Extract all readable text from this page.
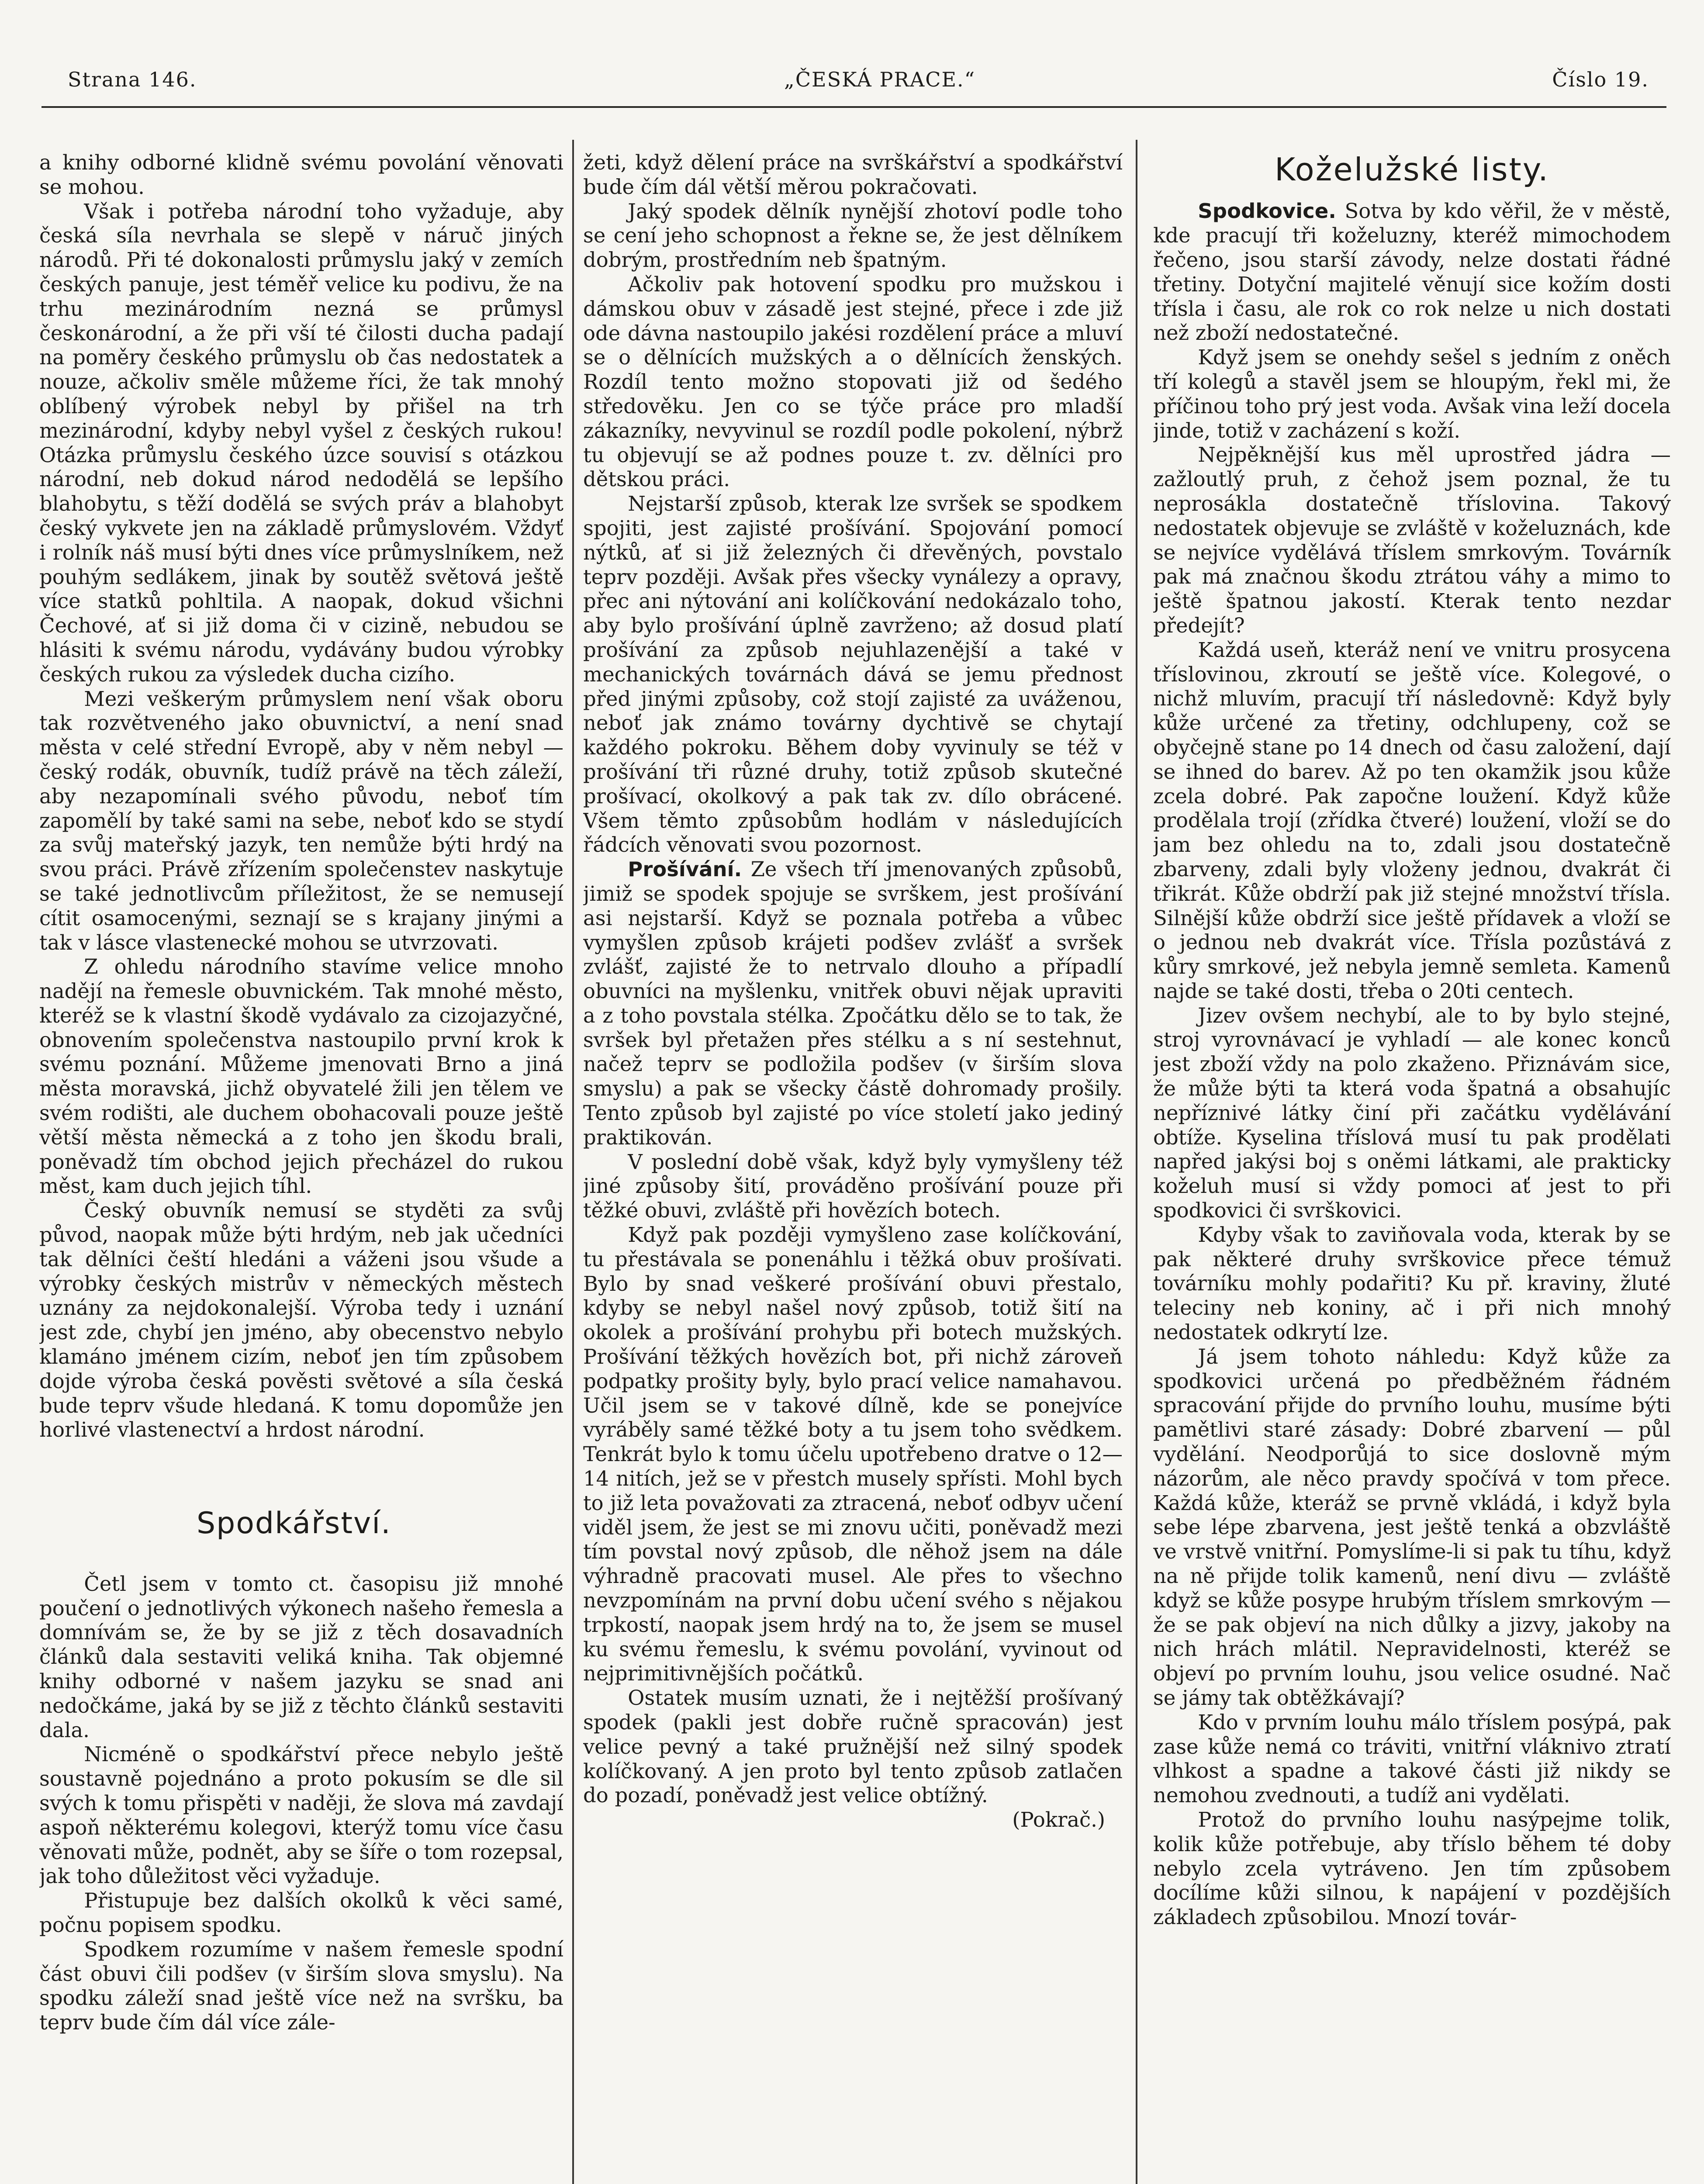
Strana 146.	„ČESKÁ PRACE.“	Číslo 19.

a knihy odborné klidně svému povolání věnovati se mohou.

Však i potřeba národní toho vyžaduje, aby česká síla nevrhala se slepě v náruč jiných národů. Při té dokonalosti průmyslu jaký v zemích českých panuje, jest téměř velice ku podivu, že na trhu mezinárodním nezná se průmysl českonárodní, a že při vší té čilosti ducha padají na poměry českého průmyslu ob čas nedostatek a nouze, ačkoliv směle můžeme říci, že tak mnohý oblíbený výrobek nebyl by přišel na trh mezinárodní, kdyby nebyl vyšel z českých rukou! Otázka průmyslu českého úzce souvisí s otázkou národní, neb dokud národ nedodělá se lepšího blahobytu, s těží dodělá se svých práv a blahobyt český vykvete jen na základě průmyslovém. Vždyť i rolník náš musí býti dnes více průmyslníkem, než pouhým sedlákem, jinak by soutěž světová ještě více statků pohltila. A naopak, dokud všichni Čechové, ať si již doma či v cizině, nebudou se hlásiti k svému národu, vydávány budou výrobky českých rukou za výsledek ducha cizího.

Mezi veškerým průmyslem není však oboru tak rozvětveného jako obuvnictví, a není snad města v celé střední Evropě, aby v něm nebyl — český rodák, obuvník, tudíž právě na těch záleží, aby nezapomínali svého původu, neboť tím zapomělí by také sami na sebe, neboť kdo se stydí za svůj mateřský jazyk, ten nemůže býti hrdý na svou práci. Právě zřízením společenstev naskytuje se také jednotlivcům příležitost, že se nemusejí cítit osamocenými, seznají se s krajany jinými a tak v lásce vlastenecké mohou se utvrzovati.

Z ohledu národního stavíme velice mnoho nadějí na řemesle obuvnickém. Tak mnohé město, kteréž se k vlastní škodě vydávalo za cizojazyčné, obnovením společenstva nastoupilo první krok k svému poznání. Můžeme jmenovati Brno a jiná města moravská, jichž obyvatelé žili jen tělem ve svém rodišti, ale duchem obohacovali pouze ještě větší města německá a z toho jen škodu brali, poněvadž tím obchod jejich přecházel do rukou měst, kam duch jejich tíhl.

Český obuvník nemusí se styděti za svůj původ, naopak může býti hrdým, neb jak učedníci tak dělníci čeští hledáni a váženi jsou všude a výrobky českých mistrův v německých městech uznány za nejdokonalejší. Výroba tedy i uznání jest zde, chybí jen jméno, aby obecenstvo nebylo klamáno jménem cizím, neboť jen tím způsobem dojde výroba česká pověsti světové a síla česká bude teprv všude hledaná. K tomu dopomůže jen horlivé vlastenectví a hrdost národní.

Spodkářství.

Četl jsem v tomto ct. časopisu již mnohé poučení o jednotlivých výkonech našeho řemesla a domnívám se, že by se již z těch dosavadních článků dala sestaviti veliká kniha. Tak objemné knihy odborné v našem jazyku se snad ani nedočkáme, jaká by se již z těchto článků sestaviti dala.

Nicméně o spodkářství přece nebylo ještě soustavně pojednáno a proto pokusím se dle sil svých k tomu přispěti v naději, že slova má zavdají aspoň některému kolegovi, kterýž tomu více času věnovati může, podnět, aby se šíře o tom rozepsal, jak toho důležitost věci vyžaduje.

Přistupuje bez dalších okolků k věci samé, počnu popisem spodku.

Spodkem rozumíme v našem řemesle spodní část obuvi čili podšev (v širším slova smyslu). Na spodku záleží snad ještě více než na svršku, ba teprv bude čím dál více zále-

žeti, když dělení práce na svrškářství a spodkářství bude čím dál větší měrou pokračovati.

Jaký spodek dělník nynější zhotoví podle toho se cení jeho schopnost a řekne se, že jest dělníkem dobrým, prostředním neb špatným.

Ačkoliv pak hotovení spodku pro mužskou i dámskou obuv v zásadě jest stejné, přece i zde již ode dávna nastoupilo jakési rozdělení práce a mluví se o dělnících mužských a o dělnících ženských. Rozdíl tento možno stopovati již od šedého středověku. Jen co se týče práce pro mladší zákazníky, nevyvinul se rozdíl podle pokolení, nýbrž tu objevují se až podnes pouze t. zv. dělníci pro dětskou práci.

Nejstarší způsob, kterak lze svršek se spodkem spojiti, jest zajisté prošívání. Spojování pomocí nýtků, ať si již železných či dřevěných, povstalo teprv později. Avšak přes všecky vynálezy a opravy, přec ani nýtování ani kolíčkování nedokázalo toho, aby bylo prošívání úplně zavrženo; až dosud platí prošívání za způsob nejuhlazenější a také v mechanických továrnách dává se jemu přednost před jinými způsoby, což stojí zajisté za uváženou, neboť jak známo továrny dychtivě se chytají každého pokroku. Během doby vyvinuly se též v prošívání tři různé druhy, totiž způsob skutečné prošívací, okolkový a pak tak zv. dílo obrácené. Všem těmto způsobům hodlám v následujících řádcích věnovati svou pozornost.

Prošívání. Ze všech tří jmenovaných způsobů, jimiž se spodek spojuje se svrškem, jest prošívání asi nejstarší. Když se poznala potřeba a vůbec vymyšlen způsob krájeti podšev zvlášť a svršek zvlášť, zajisté že to netrvalo dlouho a případlí obuvníci na myšlenku, vnitřek obuvi nějak upraviti a z toho povstala stélka. Zpočátku dělo se to tak, že svršek byl přetažen přes stélku a s ní sestehnut, načež teprv se podložila podšev (v širším slova smyslu) a pak se všecky částě dohromady prošily. Tento způsob byl zajisté po více století jako jediný praktikován.

V poslední době však, když byly vymyšleny též jiné způsoby šití, prováděno prošívání pouze při těžké obuvi, zvláště při hovězích botech.

Když pak později vymyšleno zase kolíčkování, tu přestávala se ponenáhlu i těžká obuv prošívati. Bylo by snad veškeré prošívání obuvi přestalo, kdyby se nebyl našel nový způsob, totiž šití na okolek a prošívání prohybu při botech mužských. Prošívání těžkých hovězích bot, při nichž zároveň podpatky prošity byly, bylo prací velice namahavou. Učil jsem se v takové dílně, kde se ponejvíce vyráběly samé těžké boty a tu jsem toho svědkem. Tenkrát bylo k tomu účelu upotřebeno dratve o 12—14 nitích, jež se v přestch musely spřísti. Mohl bych to již leta považovati za ztracená, neboť odbyv učení viděl jsem, že jest se mi znovu učiti, poněvadž mezi tím povstal nový způsob, dle něhož jsem na dále výhradně pracovati musel. Ale přes to všechno nevzpomínám na první dobu učení svého s nějakou trpkostí, naopak jsem hrdý na to, že jsem se musel ku svému řemeslu, k svému povolání, vyvinout od nejprimitivnějších počátků.

Ostatek musím uznati, že i nejtěžší prošívaný spodek (pakli jest dobře ručně spracován) jest velice pevný a také pružnější než silný spodek kolíčkovaný. A jen proto byl tento způsob zatlačen do pozadí, poněvadž jest velice obtížný.

(Pokrač.)
Koželužské listy.

Spodkovice. Sotva by kdo věřil, že v městě, kde pracují tři koželuzny, kteréž mimochodem řečeno, jsou starší závody, nelze dostati řádné třetiny. Dotyční majitelé věnují sice kožím dosti třísla i času, ale rok co rok nelze u nich dostati než zboží nedostatečné.

Když jsem se onehdy sešel s jedním z oněch tří kolegů a stavěl jsem se hloupým, řekl mi, že příčinou toho prý jest voda. Avšak vina leží docela jinde, totiž v zacházení s koží.

Nejpěknější kus měl uprostřed jádra — zažloutlý pruh, z čehož jsem poznal, že tu neprosákla dostatečně tříslovina. Takový nedostatek objevuje se zvláště v koželuznách, kde se nejvíce vydělává tříslem smrkovým. Továrník pak má značnou škodu ztrátou váhy a mimo to ještě špatnou jakostí. Kterak tento nezdar předejít?

Každá useň, kteráž není ve vnitru prosycena tříslovinou, zkroutí se ještě více. Kolegové, o nichž mluvím, pracují tří následovně: Když byly kůže určené za třetiny, odchlupeny, což se obyčejně stane po 14 dnech od času založení, dají se ihned do barev. Až po ten okamžik jsou kůže zcela dobré. Pak započne loužení. Když kůže prodělala trojí (zřídka čtveré) loužení, vloží se do jam bez ohledu na to, zdali jsou dostatečně zbarveny, zdali byly vloženy jednou, dvakrát či třikrát. Kůže obdrží pak již stejné množství třísla. Silnější kůže obdrží sice ještě přídavek a vloží se o jednou neb dvakrát více. Třísla pozůstává z kůry smrkové, jež nebyla jemně semleta. Kamenů najde se také dosti, třeba o 20ti centech.

Jizev ovšem nechybí, ale to by bylo stejné, stroj vyrovnávací je vyhladí — ale konec konců jest zboží vždy na polo zkaženo. Přiznávám sice, že může býti ta která voda špatná a obsahujíc nepříznivé látky činí při začátku vydělávání obtíže. Kyselina tříslová musí tu pak prodělati napřed jakýsi boj s oněmi látkami, ale prakticky koželuh musí si vždy pomoci ať jest to při spodkovici či svrškovici.

Kdyby však to zaviňovala voda, kterak by se pak některé druhy svrškovice přece témuž továrníku mohly podařiti? Ku př. kraviny, žluté telecinу neb koniny, ač i při nich mnohý nedostatek odkrytí lze.

Já jsem tohoto náhledu: Když kůže za spodkovici určená po předběžném řádném spracování přijde do prvního louhu, musíme býti pamětlivi staré zásady: Dobré zbarvení — půl vydělání. Neodporůjá to sice doslovně mým názorům, ale něco pravdy spočívá v tom přece. Každá kůže, kteráž se prvně vkládá, i když byla sebe lépe zbarvena, jest ještě tenká a obzvláště ve vrstvě vnitřní. Pomyslíme-li si pak tu tíhu, když na ně přijde tolik kamenů, není divu — zvláště když se kůže posype hrubým tříslem smrkovým — že se pak objeví na nich důlky a jizvy, jakoby na nich hrách mlátil. Nepravidelnosti, kteréž se objeví po prvním louhu, jsou velice osudné. Nač se jámy tak obtěžkávají?

Kdo v prvním louhu málo tříslem posýpá, pak zase kůže nemá co tráviti, vnitřní vláknivo ztratí vlhkost a spadne a takové části již nikdy se nemohou zvednouti, a tudíž ani vydělati.

Protož do prvního louhu nasýpejme tolik, kolik kůže potřebuje, aby tříslo během té doby nebylo zcela vytráveno. Jen tím způsobem docílíme kůži silnou, k napájení v pozdějších základech způsobilou. Mnozí továr-
